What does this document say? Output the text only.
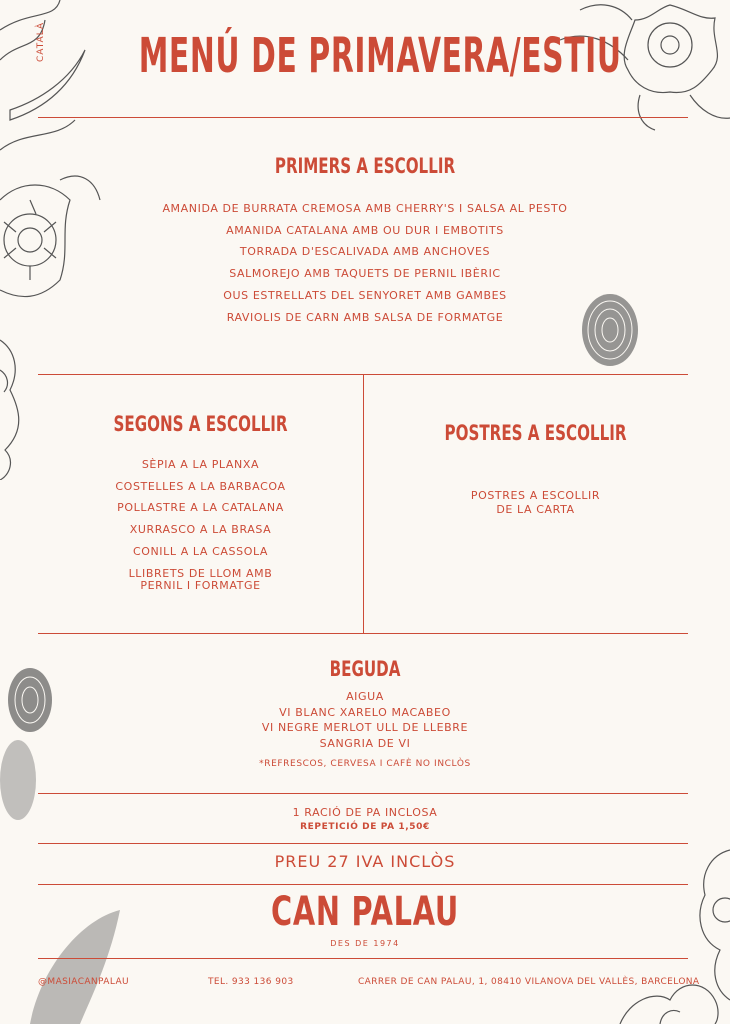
CATALÀ MENÚ DE PRIMAVERA/ESTIU
PRIMERS A ESCOLLIR
AMANIDA DE BURRATA CREMOSA AMB CHERRY'S I SALSA AL PESTO
AMANIDA CATALANA AMB OU DUR I EMBOTITS
TORRADA D'ESCALIVADA AMB ANCHOVES
SALMOREJO AMB TAQUETS DE PERNIL IBÈRIC
OUS ESTRELLATS DEL SENYORET AMB GAMBES
RAVIOLIS DE CARN AMB SALSA DE FORMATGE
SEGONS A ESCOLLIR
SÈPIA A LA PLANXA
COSTELLES A LA BARBACOA
POLLASTRE A LA CATALANA
XURRASCO A LA BRASA
CONILL A LA CASSOLA
LLIBRETS DE LLOM AMB
PERNIL I FORMATGE
POSTRES A ESCOLLIR
POSTRES A ESCOLLIR
DE LA CARTA
BEGUDA
AIGUA
VI BLANC XARELO MACABEO
VI NEGRE MERLOT ULL DE LLEBRE
SANGRIA DE VI
*REFRESCOS, CERVESA I CAFÈ NO INCLÒS
1 RACIÓ DE PA INCLOSA
REPETICIÓ DE PA 1,50€
PREU 27 IVA INCLÒS
CAN PALAU
DES DE 1974
@MASIACANPALAU	TEL. 933 136 903	CARRER DE CAN PALAU, 1, 08410 VILANOVA DEL VALLÈS, BARCELONA
